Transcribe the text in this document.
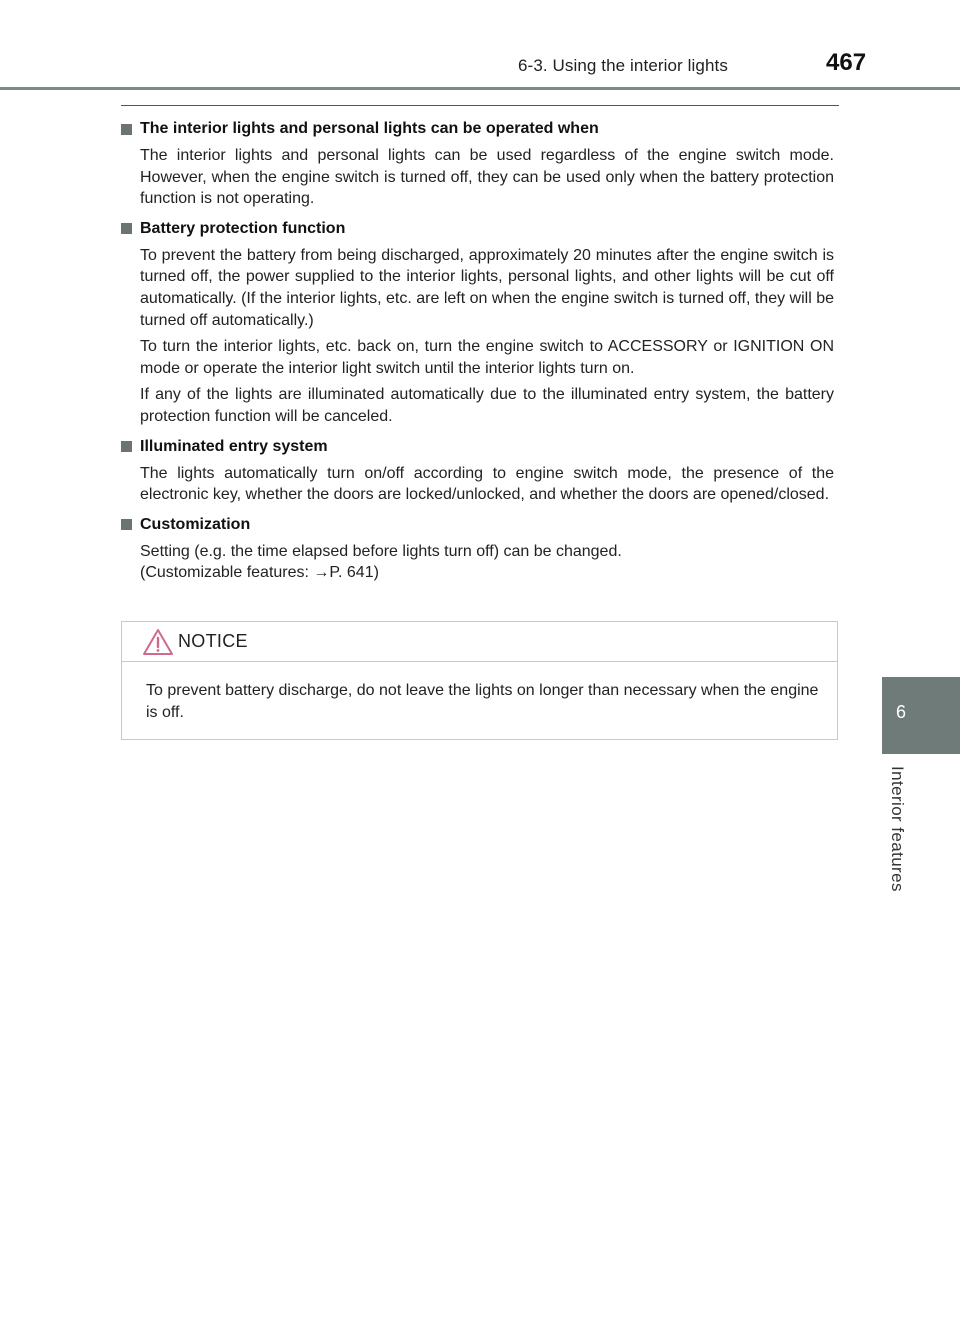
6-3. Using the interior lights	467
The interior lights and personal lights can be operated when

The interior lights and personal lights can be used regardless of the engine switch mode. However, when the engine switch is turned off, they can be used only when the battery protection function is not operating.

Battery protection function

To prevent the battery from being discharged, approximately 20 minutes after the engine switch is turned off, the power supplied to the interior lights, personal lights, and other lights will be cut off automatically. (If the interior lights, etc. are left on when the engine switch is turned off, they will be turned off automatically.)

To turn the interior lights, etc. back on, turn the engine switch to ACCESSORY or IGNITION ON mode or operate the interior light switch until the interior lights turn on.

If any of the lights are illuminated automatically due to the illuminated entry system, the battery protection function will be canceled.

Illuminated entry system

The lights automatically turn on/off according to engine switch mode, the presence of the electronic key, whether the doors are locked/unlocked, and whether the doors are opened/closed.

Customization

Setting (e.g. the time elapsed before lights turn off) can be changed.

(Customizable features: →P. 641)

NOTICE
To prevent battery discharge, do not leave the lights on longer than necessary when the engine is off.	6
Interior features
